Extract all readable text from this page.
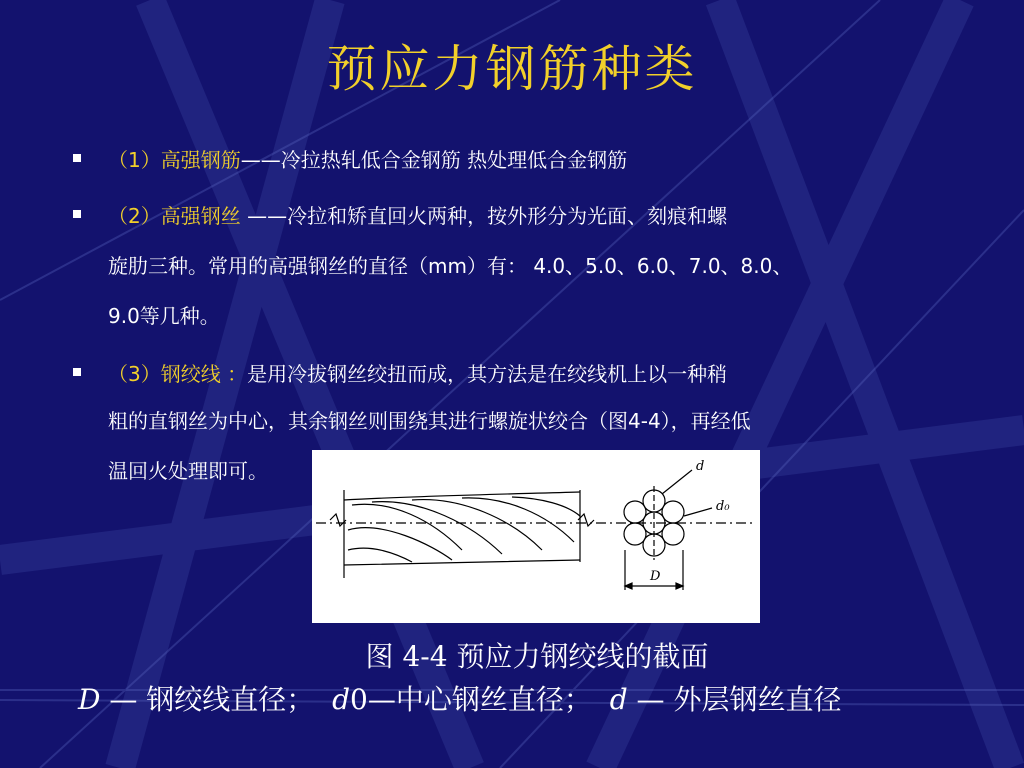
预应力钢筋种类
（1）高强钢筋——冷拉热轧低合金钢筋 热处理低合金钢筋
（2）高强钢丝 ——冷拉和矫直回火两种，按外形分为光面、刻痕和螺
旋肋三种。常用的高强钢丝的直径（mm）有： 4.0、5.0、6.0、7.0、8.0、
9.0等几种。
（3）钢绞线 ：是用冷拔钢丝绞扭而成，其方法是在绞线机上以一种稍
粗的直钢丝为中心，其余钢丝则围绕其进行螺旋状绞合（图4-4），再经低
温回火处理即可。	d
d₀
D
图 4-4 预应力钢绞线的截面
D — 钢绞线直径； d0—中心钢丝直径； d — 外层钢丝直径
